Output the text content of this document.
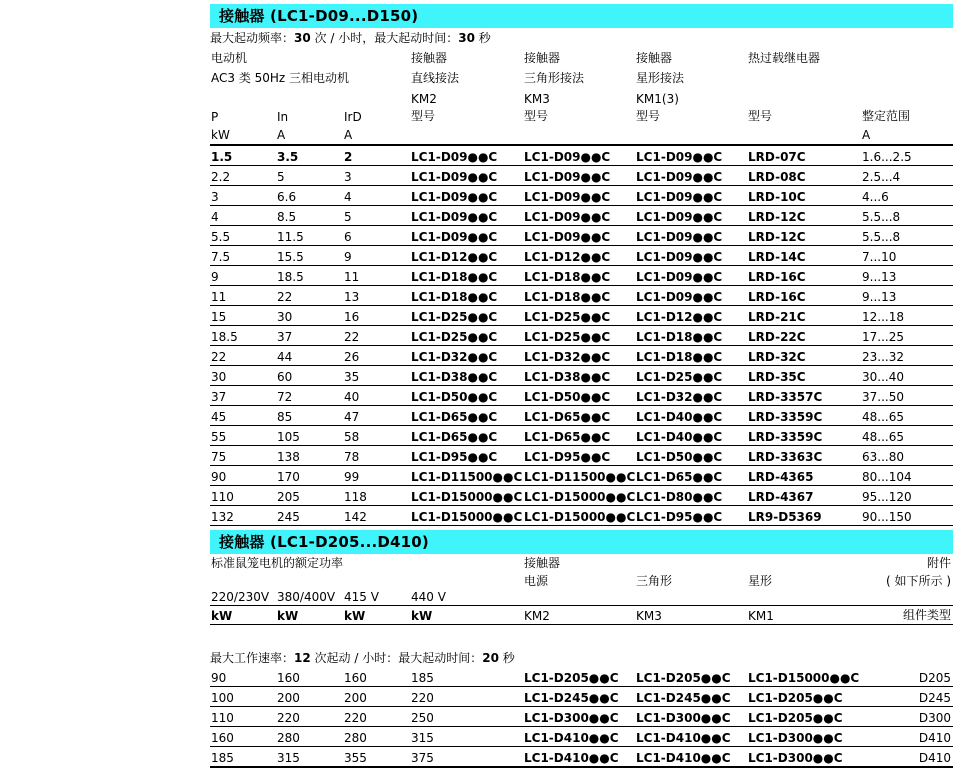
接触器 (LC1-D09...D150)
最大起动频率：30 次 / 小时，最大起动时间：30 秒
电动机			接触器	接触器	接触器	热过载继电器	
AC3 类 50Hz 三相电动机			直线接法	三角形接法	星形接法		
			KM2	KM3	KM1(3)		
P	In	IrD	型号	型号	型号	型号	整定范围
kW	A	A					A
1.5	3.5	2	LC1-D09●●C	LC1-D09●●C	LC1-D09●●C	LRD-07C	1.6...2.5
2.2	5	3	LC1-D09●●C	LC1-D09●●C	LC1-D09●●C	LRD-08C	2.5...4
3	6.6	4	LC1-D09●●C	LC1-D09●●C	LC1-D09●●C	LRD-10C	4...6
4	8.5	5	LC1-D09●●C	LC1-D09●●C	LC1-D09●●C	LRD-12C	5.5...8
5.5	11.5	6	LC1-D09●●C	LC1-D09●●C	LC1-D09●●C	LRD-12C	5.5...8
7.5	15.5	9	LC1-D12●●C	LC1-D12●●C	LC1-D09●●C	LRD-14C	7...10
9	18.5	11	LC1-D18●●C	LC1-D18●●C	LC1-D09●●C	LRD-16C	9...13
11	22	13	LC1-D18●●C	LC1-D18●●C	LC1-D09●●C	LRD-16C	9...13
15	30	16	LC1-D25●●C	LC1-D25●●C	LC1-D12●●C	LRD-21C	12...18
18.5	37	22	LC1-D25●●C	LC1-D25●●C	LC1-D18●●C	LRD-22C	17...25
22	44	26	LC1-D32●●C	LC1-D32●●C	LC1-D18●●C	LRD-32C	23...32
30	60	35	LC1-D38●●C	LC1-D38●●C	LC1-D25●●C	LRD-35C	30...40
37	72	40	LC1-D50●●C	LC1-D50●●C	LC1-D32●●C	LRD-3357C	37...50
45	85	47	LC1-D65●●C	LC1-D65●●C	LC1-D40●●C	LRD-3359C	48...65
55	105	58	LC1-D65●●C	LC1-D65●●C	LC1-D40●●C	LRD-3359C	48...65
75	138	78	LC1-D95●●C	LC1-D95●●C	LC1-D50●●C	LRD-3363C	63...80
90	170	99	LC1-D11500●●C	LC1-D11500●●C	LC1-D65●●C	LRD-4365	80...104
110	205	118	LC1-D15000●●C	LC1-D15000●●C	LC1-D80●●C	LRD-4367	95...120
132	245	142	LC1-D15000●●C	LC1-D15000●●C	LC1-D95●●C	LR9-D5369	90...150
接触器 (LC1-D205...D410)
标准鼠笼电机的额定功率				接触器			附件
				电源	三角形	星形	( 如下所示 )
220/230V	380/400V	415 V	440 V				
kW	kW	kW	kW	KM2	KM3	KM1	组件类型
最大工作速率：12 次起动 / 小时：最大起动时间：20 秒
90	160	160	185	LC1-D205●●C	LC1-D205●●C	LC1-D15000●●C	D205
100	200	200	220	LC1-D245●●C	LC1-D245●●C	LC1-D205●●C	D245
110	220	220	250	LC1-D300●●C	LC1-D300●●C	LC1-D205●●C	D300
160	280	280	315	LC1-D410●●C	LC1-D410●●C	LC1-D300●●C	D410
185	315	355	375	LC1-D410●●C	LC1-D410●●C	LC1-D300●●C	D410
